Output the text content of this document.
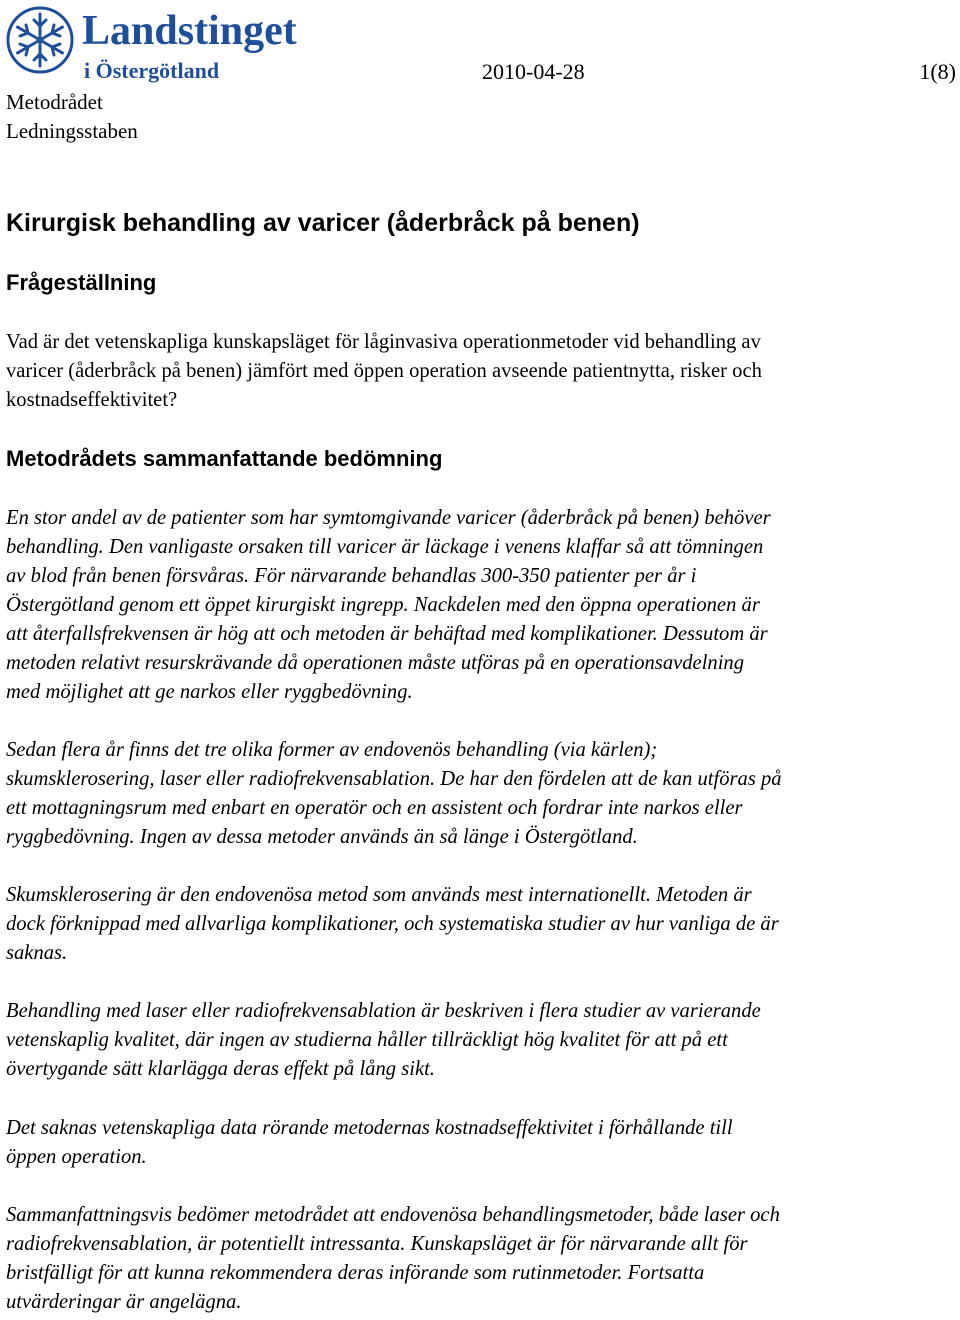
Landstinget
i Östergötland
Metodrådet
Ledningsstaben
2010-04-28	1(8)
Kirurgisk behandling av varicer (åderbråck på benen)
Frågeställning

Vad är det vetenskapliga kunskapsläget för låginvasiva operationmetoder vid behandling av
varicer (åderbråck på benen) jämfört med öppen operation avseende patientnytta, risker och
kostnadseffektivitet?

Metodrådets sammanfattande bedömning

En stor andel av de patienter som har symtomgivande varicer (åderbråck på benen) behöver
behandling. Den vanligaste orsaken till varicer är läckage i venens klaffar så att tömningen
av blod från benen försvåras. För närvarande behandlas 300-350 patienter per år i
Östergötland genom ett öppet kirurgiskt ingrepp. Nackdelen med den öppna operationen är
att återfallsfrekvensen är hög att och metoden är behäftad med komplikationer. Dessutom är
metoden relativt resurskrävande då operationen måste utföras på en operationsavdelning
med möjlighet att ge narkos eller ryggbedövning.

Sedan flera år finns det tre olika former av endovenös behandling (via kärlen);
skumsklerosering, laser eller radiofrekvensablation. De har den fördelen att de kan utföras på
ett mottagningsrum med enbart en operatör och en assistent och fordrar inte narkos eller
ryggbedövning. Ingen av dessa metoder används än så länge i Östergötland.

Skumsklerosering är den endovenösa metod som används mest internationellt. Metoden är
dock förknippad med allvarliga komplikationer, och systematiska studier av hur vanliga de är
saknas.

Behandling med laser eller radiofrekvensablation är beskriven i flera studier av varierande
vetenskaplig kvalitet, där ingen av studierna håller tillräckligt hög kvalitet för att på ett
övertygande sätt klarlägga deras effekt på lång sikt.

Det saknas vetenskapliga data rörande metodernas kostnadseffektivitet i förhållande till
öppen operation.

Sammanfattningsvis bedömer metodrådet att endovenösa behandlingsmetoder, både laser och
radiofrekvensablation, är potentiellt intressanta. Kunskapsläget är för närvarande allt för
bristfälligt för att kunna rekommendera deras införande som rutinmetoder. Fortsatta
utvärderingar är angelägna.
